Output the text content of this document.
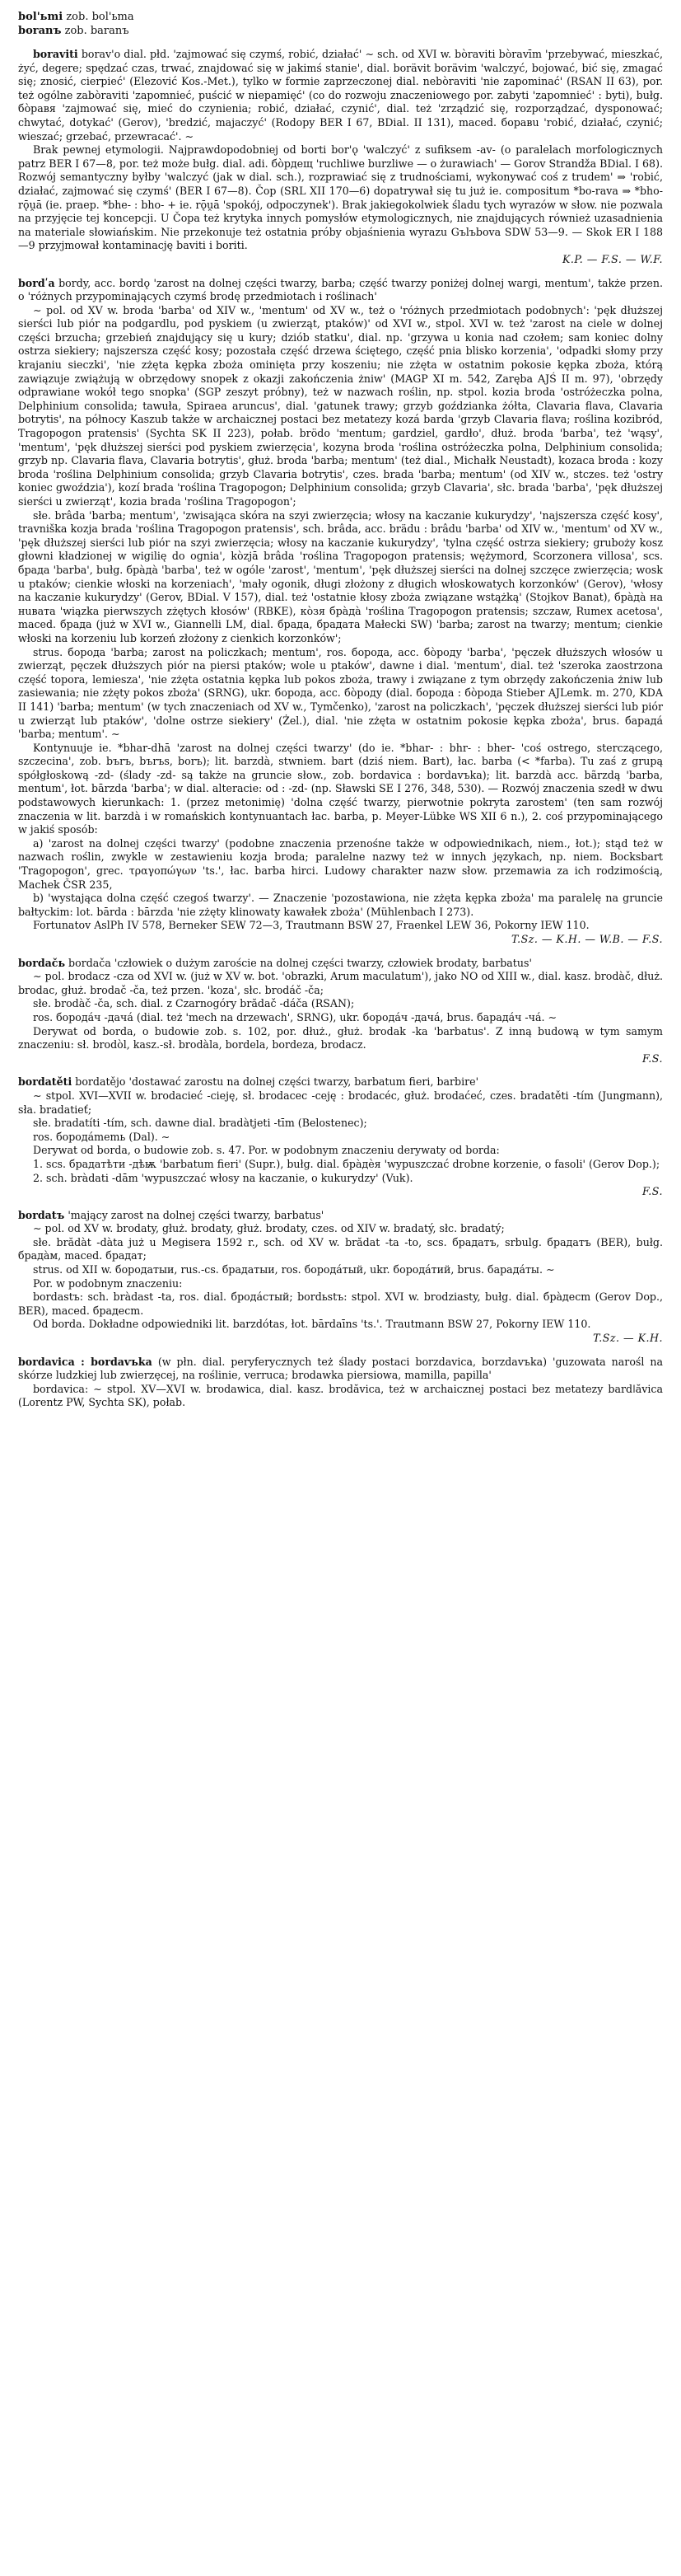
bol'ьmi zob. bol'ьma

boranъ zob. baranъ

boraviti borav'o dial. płd. 'zajmować się czymś, robić, działać' ∼ sch. od XVI w. bòraviti bòravīm 'przebywać, mieszkać, żyć, degere; spędzać czas, trwać, znajdować się w jakimś stanie', dial. borävit borävim 'walczyć, bojować, bić się, zmagać się; znosić, cierpieć' (Elezović Kos.-Met.), tylko w formie zaprzeczonej dial. nebòraviti 'nie zapominać' (RSAN II 63), por. też ogólne zabòraviti 'zapomnieć, puścić w niepamięć' (co do rozwoju znaczeniowego por. zabyti 'zapomnieć' : byti), bułg. бòpaвя 'zajmować się, mieć do czynienia; robić, działać, czynić', dial. też 'zrządzić się, rozporządzać, dysponować; chwytać, dotykać' (Gerov), 'bredzić, majaczyć' (Rodopy BER I 67, BDial. II 131), maced. бopaвu 'robić, działać, czynić; wieszać; grzebać, przewracać'. ∼

Brak pewnej etymologii. Najprawdopodobniej od borti bor'ǫ 'walczyć' z sufiksem -av- (o paralelach morfologicznych patrz BER I 67—8, por. też może bułg. dial. adi. бòpдeщ 'ruchliwe burzliwe — o żurawiach' — Gorov Strandža BDial. I 68). Rozwój semantyczny byłby 'walczyć (jak w dial. sch.), rozprawiać się z trudnościami, wykonywać coś z trudem' ⇒ 'robić, działać, zajmować się czymś' (BER I 67—8). Čop (SRL XII 170—6) dopatrywał się tu już ie. compositum *bo-rava ⇒ *bho-rǭu̯ā (ie. praep. *bhe- : bho- + ie. rǭu̯ā 'spokój, odpoczynek'). Brak jakiegokolwiek śladu tych wyrazów w słow. nie pozwala na przyjęcie tej koncepcji. U Čopa też krytyka innych pomysłów etymologicznych, nie znajdujących również uzasadnienia na materiale słowiańskim. Nie przekonuje też ostatnia próby objaśnienia wyrazu Gъlъbova SDW 53—9. — Skok ER I 188—9 przyjmował kontaminację baviti i boriti.

K.P. — F.S. — W.F.

bordʹa bordy, acc. bordǫ 'zarost na dolnej części twarzy, barba; część twarzy poniżej dolnej wargi, mentum', także przen. o 'różnych przypominających czymś brodę przedmiotach i roślinach'

∼ pol. od XV w. broda 'barba' od XIV w., 'mentum' od XV w., też o 'różnych przedmiotach podobnych': 'pęk dłuższej sierści lub piór na podgardlu, pod pyskiem (u zwierząt, ptaków)' od XVI w., stpol. XVI w. też 'zarost na ciele w dolnej części brzucha; grzebień znajdujący się u kury; dziób statku', dial. np. 'grzywa u konia nad czołem; sam koniec dolny ostrza siekiery; najszersza część kosy; pozostała część drzewa ściętego, część pnia blisko korzenia', 'odpadki słomy przy krajaniu sieczki', 'nie zżęta kępka zboża ominięta przy koszeniu; nie zżęta w ostatnim pokosie kępka zboża, którą zawiązuje zwiążują w obrzędowy snopek z okazji zakończenia żniw' (MAGP XI m. 542, Zaręba AJŚ II m. 97), 'obrzędy odprawiane wokół tego snopka' (SGP zeszyt próbny), też w nazwach roślin, np. stpol. kozia broda 'ostróżeczka polna, Delphinium consolida; tawuła, Spiraea aruncus', dial. 'gatunek trawy; grzyb goździanka żółta, Clavaria flava, Clavaria botrytis', na północy Kaszub także w archaicznej postaci bez metatezy kozá barda 'grzyb Clavaria flava; roślina kozibród, Tragopogon pratensis' (Sychta SK II 223), połab. brödo 'mentum; gardziel, gardło', dłuż. broda 'barba', też 'wąsy', 'mentum', 'pęk dłuższej sierści pod pyskiem zwierzęcia', kozyna broda 'roślina ostróżeczka polna, Delphinium consolida; grzyb np. Clavaria flava, Clavaria botrytis', głuż. broda 'barba; mentum' (też dial., Michałk Neustadt), kozaca broda : kozy broda 'roślina Delphinium consolida; grzyb Clavaria botrytis', czes. brada 'barba; mentum' (od XIV w., stczes. też 'ostry koniec gwoździa'), kozí brada 'roślina Tragopogon; Delphinium consolida; grzyb Clavaria', słc. brada 'barba', 'pęk dłuższej sierści u zwierząt', kozia brada 'roślina Tragopogon';

słe. brâda 'barba; mentum', 'zwisająca skóra na szyi zwierzęcia; włosy na kaczanie kukurydzy', 'najszersza część kosy', travniška kozja brada 'roślina Tragopogon pratensis', sch. brâda, acc. brädu : brâdu 'barba' od XIV w., 'mentum' od XV w., 'pęk dłuższej sierści lub piór na szyi zwierzęcia; włosy na kaczanie kukurydzy', 'tylna część ostrza siekiery; gruboży kosz głowni kładzionej w wigilię do ognia', kòzjā brâda 'roślina Tragopogon pratensis; wężymord, Scorzonera villosa', scs. брада 'barba', bułg. брàдà 'barba', też w ogóle 'zarost', 'mentum', 'pęk dłuższej sierści na dolnej szczęce zwierzęcia; wosk u ptaków; cienkie włoski na korzeniach', 'mały ogonik, długi złożony z długich włoskowatych korzonków' (Gerov), 'włosy na kaczanie kukurydzy' (Gerov, BDial. V 157), dial. też 'ostatnie kłosy zboża związane wstążką' (Stojkov Banat), брàдà на нuвата 'wiązka pierwszych zżętych kłosów' (RBKE), кòзя брàдà 'roślina Tragopogon pratensis; szczaw, Rumex acetosa', maced. брадa (już w XVI w., Giannelli LM, dial. брада, брадата Małecki SW) 'barba; zarost na twarzy; mentum; cienkie włoski na korzeniu lub korzeń złożony z cienkich korzonków';

strus. борода 'barba; zarost na policzkach; mentum', ros. борода, acc. бòроду 'barba', 'pęczek dłuższych włosów u zwierząt, pęczek dłuższych piór na piersi ptaków; wole u ptaków', dawne i dial. 'mentum', dial. też 'szeroka zaostrzona część topora, lemiesza', 'nie zżęta ostatnia kępka lub pokos zboża, trawy i związane z tym obrzędy zakończenia żniw lub zasiewania; nie zżęty pokos zboża' (SRNG), ukr. борода, acc. бòроду (dial. борода : бòрода Stieber AJLemk. m. 270, KDA II 141) 'barba; mentum' (w tych znaczeniach od XV w., Tymčenko), 'zarost na policzkach', 'pęczek dłuższej sierści lub piór u zwierząt lub ptaków', 'dolne ostrze siekiery' (Żel.), dial. 'nie zżęta w ostatnim pokosie kępka zboża', brus. барадá 'barba; mentum'. ∼

Kontynuuje ie. *bhar-dhā 'zarost na dolnej części twarzy' (do ie. *bhar- : bhr- : bher- 'coś ostrego, sterczącego, szczecina', zob. bъrъ, bъrъs, borъ); lit. barzdà, stwniem. bart (dziś niem. Bart), łac. barba (< *farba). Tu zaś z grupą spółgłoskową -zd- (ślady -zd- są także na gruncie słow., zob. bordavica : bordavъka); lit. barzdà acc. bãrzdą 'barba, mentum', łot. bārzda 'barba'; w dial. alteracie: od : -zd- (np. Sławski SE I 276, 348, 530). — Rozwój znaczenia szedł w dwu podstawowych kierunkach: 1. (przez metonimię) 'dolna część twarzy, pierwotnie pokryta zarostem' (ten sam rozwój znaczenia w lit. barzdà i w romańskich kontynuantach łac. barba, p. Meyer-Lübke WS XII 6 n.), 2. coś przypominającego w jakiś sposób:

a) 'zarost na dolnej części twarzy' (podobne znaczenia przenośne także w odpowiednikach, niem., łot.); stąd też w nazwach roślin, zwykle w zestawieniu kozja broda; paralelne nazwy też w innych językach, np. niem. Bocksbart 'Tragopogon', grec. τραγοπώγων 'ts.', łac. barba hirci. Ludowy charakter nazw słow. przemawia za ich rodzimością, Machek ČSR 235,

b) 'wystająca dolna część czegoś twarzy'. — Znaczenie 'pozostawiona, nie zżęta kępka zboża' ma paralelę na gruncie bałtyckim: lot. bārda : bārzda 'nie zżęty klinowaty kawałek zboża' (Mühlenbach I 273).

Fortunatov AslPh IV 578, Berneker SEW 72—3, Trautmann BSW 27, Fraenkel LEW 36, Pokorny IEW 110.

T.Sz. — K.H. — W.B. — F.S.

bordačь bordača 'człowiek o dużym zaroście na dolnej części twarzy, człowiek brodaty, barbatus'

∼ pol. brodacz -cza od XVI w. (już w XV w. bot. 'obrazki, Arum maculatum'), jako NO od XIII w., dial. kasz. brodàč, dłuż. brodac, głuż. brodač -ča, też przen. 'koza', słc. brodáč -ča;

słe. brodàč -ča, sch. dial. z Czarnogóry brădač -dáča (RSAN);

ros. бородáч -дачá (dial. też 'mech na drzewach', SRNG), ukr. бородáч -дачá, brus. барадáч -чá. ∼

Derywat od borda, o budowie zob. s. 102, por. dłuż., głuż. brodak -ka 'barbatus'. Z inną budową w tym samym znaczeniu: sł. brodòl, kasz.-sł. brodàla, bordela, bordeza, brodacz.

F.S.

bordatěti bordatějo 'dostawać zarostu na dolnej części twarzy, barbatum fieri, barbire'

∼ stpol. XVI—XVII w. brodacieć -cieję, sł. brodacec -ceję : brodacéc, głuż. brodaćeć, czes. bradatěti -tím (Jungmann), sła. bradatieť;

słe. bradatíti -tím, sch. dawne dial. bradàtjeti -tīm (Belostenec);

ros. бородámemь (Dal). ∼

Derywat od borda, o budowie zob. s. 47. Por. w podobnym znaczeniu derywaty od borda:

1. scs. брадатѣти -дѣѭ 'barbatum fieri' (Supr.), bułg. dial. брàдѐя 'wypuszczać drobne korzenie, o fasoli' (Gerov Dop.);

2. sch. bràdati -dām 'wypuszczać włosy na kaczanie, o kukurydzy' (Vuk).

F.S.

bordatъ 'mający zarost na dolnej części twarzy, barbatus'

∼ pol. od XV w. brodaty, głuż. brodaty, głuż. brodaty, czes. od XIV w. bradatý, słc. bradatý;

słe. brădàt -dàta już u Megisera 1592 r., sch. od XV w. brădat -ta -to, scs. брадатъ, srbulg. брадатъ (BER), bułg. брадàм, maced. брадат;

strus. od XII w. бородатыи, rus.-cs. брадатыи, ros. бородáтый, ukr. бородáтий, brus. барадáты. ∼

Por. w podobnym znaczeniu:

bordastъ: sch. bràdast -ta, ros. dial. бродáстый; bordьstъ: stpol. XVI w. brodziasty, bułg. dial. брàдecm (Gerov Dop., BER), maced. брадeсm.

Od borda. Dokładne odpowiedniki lit. barzdótas, łot. bārdaīns 'ts.'. Trautmann BSW 27, Pokorny IEW 110.

T.Sz. — K.H.

bordavica : bordavъka (w płn. dial. peryferycznych też ślady postaci borzdavica, borzdavъka) 'guzowata narośl na skórze ludzkiej lub zwierzęcej, na roślinie, verruca; brodawka piersiowa, mamilla, papilla'

bordavica: ∼ stpol. XV—XVI w. brodawica, dial. kasz. brodăvica, też w archaicznej postaci bez metatezy bardǀăvica (Lorentz PW, Sychta SK), połab.
